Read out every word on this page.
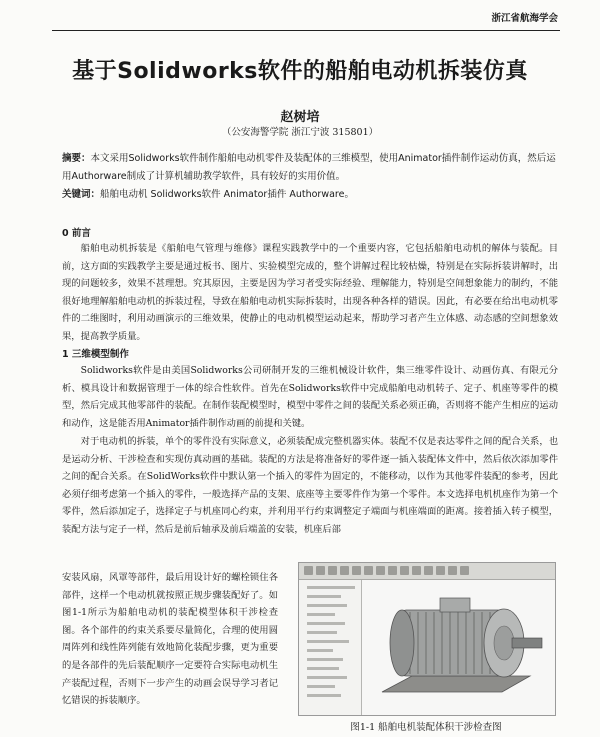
浙江省航海学会
基于Solidworks软件的船舶电动机拆装仿真
赵树培
（公安海警学院 浙江宁波 315801）
摘要：本文采用Solidworks软件制作船舶电动机零件及装配体的三维模型，使用Animator插件制作运动仿真，然后运用Authorware制成了计算机辅助教学软件，具有较好的实用价值。
关键词：船舶电动机 Solidworks软件 Animator插件 Authorware。
0 前言
船舶电动机拆装是《船舶电气管理与维修》课程实践教学中的一个重要内容，它包括船舶电动机的解体与装配。目前，这方面的实践教学主要是通过板书、图片、实验模型完成的，整个讲解过程比较枯燥，特别是在实际拆装讲解时，出现的问题较多，效果不甚理想。究其原因，主要是因为学习者受实际经验、理解能力，特别是空间想象能力的制约，不能很好地理解船舶电动机的拆装过程，导致在船舶电动机实际拆装时，出现各种各样的错误。因此，有必要在给出电动机零件的二维图时，利用动画演示的三维效果，使静止的电动机模型运动起来，帮助学习者产生立体感、动态感的空间想象效果，提高教学质量。
1 三维模型制作
Solidworks软件是由美国Solidworks公司研制开发的三维机械设计软件，集三维零件设计、动画仿真、有限元分析、模具设计和数据管理于一体的综合性软件。首先在Solidworks软件中完成船舶电动机转子、定子、机座等零件的模型，然后完成其他零部件的装配。在制作装配模型时，模型中零件之间的装配关系必须正确，否则将不能产生相应的运动和动作，这是能否用Animator插件制作动画的前提和关键。
对于电动机的拆装，单个的零件没有实际意义，必须装配成完整机器实体。装配不仅是表达零件之间的配合关系，也是运动分析、干涉检查和实现仿真动画的基础。装配的方法是将准备好的零件逐一插入装配体文件中，然后依次添加零件之间的配合关系。在SolidWorks软件中默认第一个插入的零件为固定的，不能移动，以作为其他零件装配的参考，因此必须仔细考虑第一个插入的零件，一般选择产品的支架、底座等主要零件作为第一个零件。本文选择电机机座作为第一个零件，然后添加定子，选择定子与机座同心约束，并利用平行约束调整定子端面与机座端面的距离。接着插入转子模型，装配方法与定子一样，然后是前后轴承及前后端盖的安装，机座后部
安装风扇，风罩等部件，最后用设计好的螺栓锁住各部件，这样一个电动机就按照正规步骤装配好了。如图1-1所示为船舶电动机的装配模型体积干涉检查图。各个部件的约束关系要尽量简化，合理的使用圆周阵列和线性阵列能有效地简化装配步骤，更为重要的是各部件的先后装配顺序一定要符合实际电动机生产装配过程，否则下一步产生的动画会误导学习者记忆错误的拆装顺序。
图1-1 船舶电机装配体积干涉检查图
